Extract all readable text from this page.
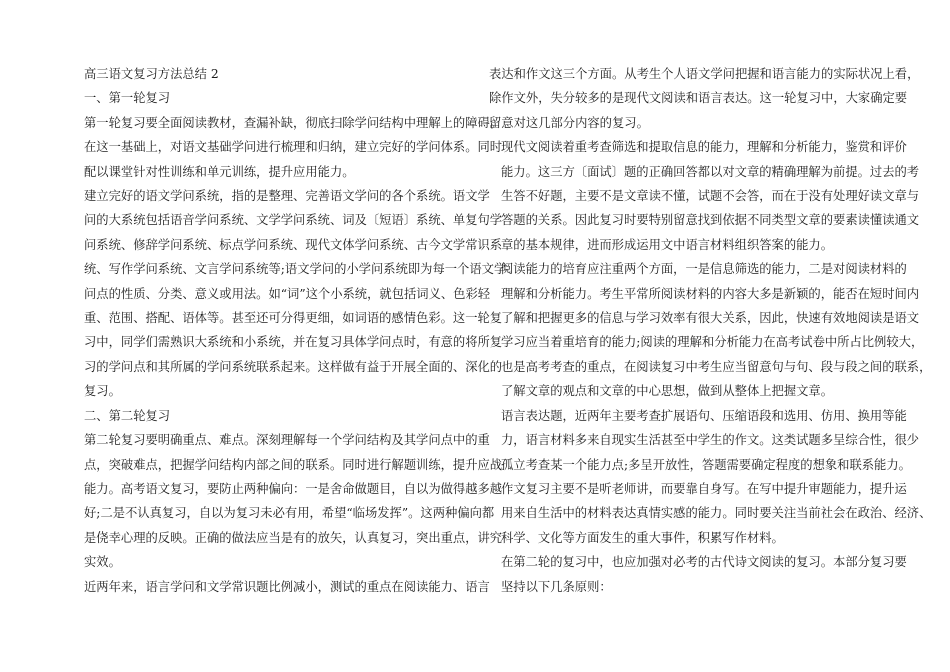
高三语文复习方法总结 2
一、第一轮复习
第一轮复习要全面阅读教材，查漏补缺，彻底扫除学问结构中理解上的障碍。
在这一基础上，对语文基础学问进行梳理和归纳，建立完好的学问体系。同时
配以课堂针对性训练和单元训练，提升应用能力。
建立完好的语文学问系统，指的是整理、完善语文学问的各个系统。语文学
问的大系统包括语音学问系统、文学学问系统、词及〔短语〕系统、单复句学
问系统、修辞学问系统、标点学问系统、现代文体学问系统、古今文学常识系
统、写作学问系统、文言学问系统等;语文学问的小学问系统即为每一个语文学
问点的性质、分类、意义或用法。如“词”这个小系统，就包括词义、色彩轻
重、范围、搭配、语体等。甚至还可分得更细，如词语的感情色彩。这一轮复
习中，同学们需熟识大系统和小系统，并在复习具体学问点时，有意的将所复
习的学问点和其所属的学问系统联系起来。这样做有益于开展全面的、深化的
复习。
二、第二轮复习
第二轮复习要明确重点、难点。深刻理解每一个学问结构及其学问点中的重
点，突破难点，把握学问结构内部之间的联系。同时进行解题训练，提升应战
能力。高考语文复习，要防止两种偏向：一是舍命做题目，自以为做得越多越
好;二是不认真复习，自以为复习未必有用，希望“临场发挥”。这两种偏向都
是侥幸心理的反映。正确的做法应当是有的放矢，认真复习，突出重点，讲究
实效。
近两年来，语言学问和文学常识题比例减小，测试的重点在阅读能力、语言
表达和作文这三个方面。从考生个人语文学问把握和语言能力的实际状况上看，
除作文外，失分较多的是现代文阅读和语言表达。这一轮复习中，大家确定要
留意对这几部分内容的复习。
现代文阅读着重考查筛选和提取信息的能力，理解和分析能力，鉴赏和评价
能力。这三方〔面试〕题的正确回答都以对文章的精确理解为前提。过去的考
生答不好题，主要不是文章读不懂，试题不会答，而在于没有处理好读文章与
答题的关系。因此复习时要特别留意找到依据不同类型文章的要素读懂读通文
章的基本规律，进而形成运用文中语言材料组织答案的能力。
阅读能力的培育应注重两个方面，一是信息筛选的能力，二是对阅读材料的
理解和分析能力。考生平常所阅读材料的内容大多是新颖的，能否在短时间内
了解和把握更多的信息与学习效率有很大关系，因此，快速有效地阅读是语文
学习应当着重培育的能力;阅读的理解和分析能力在高考试卷中所占比例较大，
也是高考考查的重点，在阅读复习中考生应当留意句与句、段与段之间的联系，
了解文章的观点和文章的中心思想，做到从整体上把握文章。
语言表达题，近两年主要考查扩展语句、压缩语段和选用、仿用、换用等能
力，语言材料多来自现实生活甚至中学生的作文。这类试题多呈综合性，很少
孤立考查某一个能力点;多呈开放性，答题需要确定程度的想象和联系能力。
作文复习主要不是听老师讲，而要靠自身写。在写中提升审题能力，提升运
用来自生活中的材料表达真情实感的能力。同时要关注当前社会在政治、经济、
科学、文化等方面发生的重大事件，积累写作材料。
在第二轮的复习中，也应加强对必考的古代诗文阅读的复习。本部分复习要
坚持以下几条原则：
